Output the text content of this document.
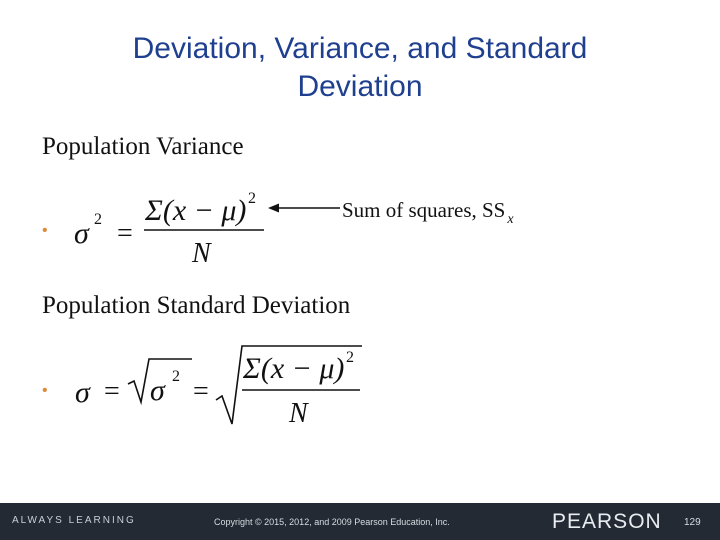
Deviation, Variance, and Standard
Deviation
Population Variance
• σ 2 =
Σ(x − μ) 2
N
σ = σ 2 =
Σ(x − μ) 2
N
Sum of squares, SS $_x$
Population Standard Deviation
•
ALWAYS LEARNING	Copyright © 2015, 2012, and 2009 Pearson Education, Inc.	PEARSON 129
